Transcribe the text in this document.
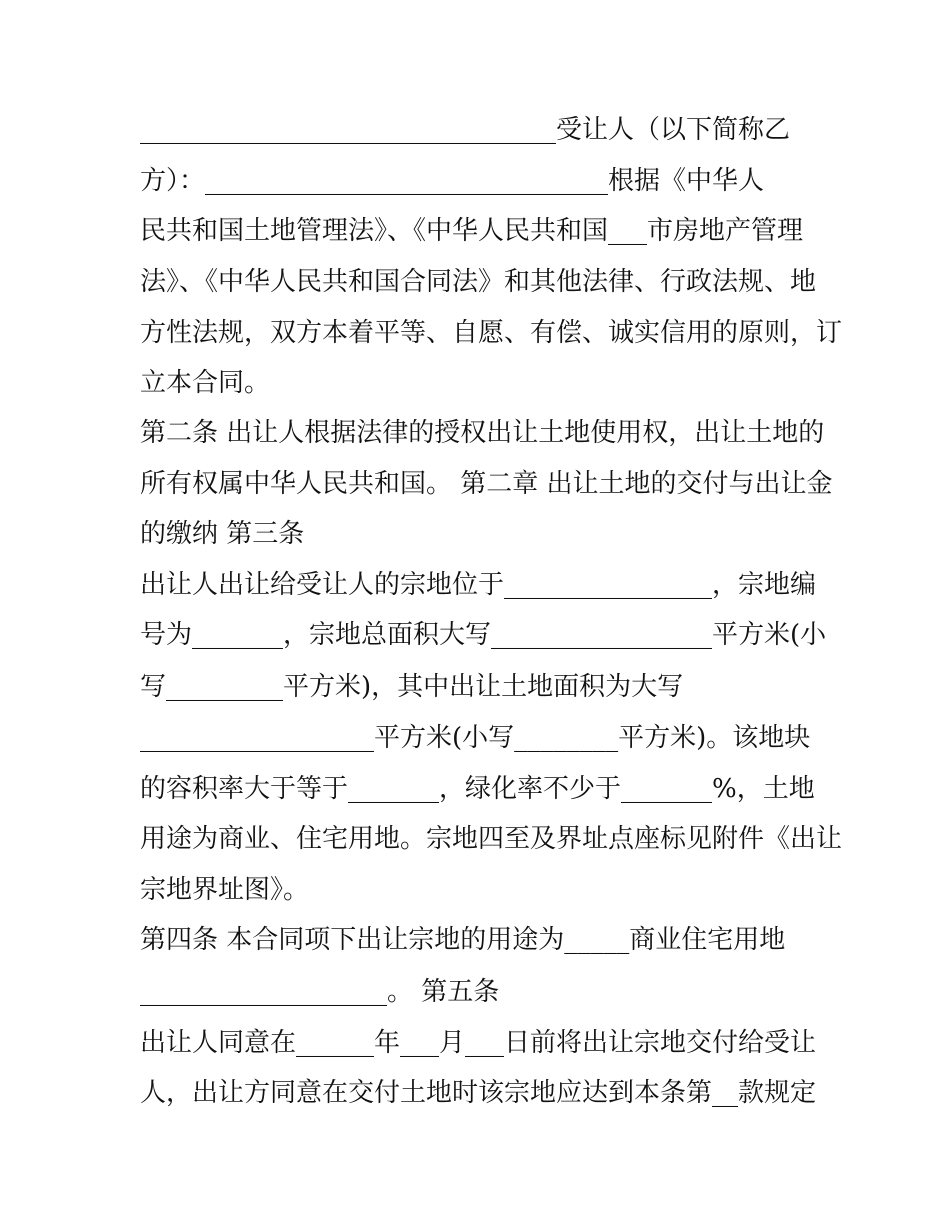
________________________________受让人（以下简称乙
方）：_______________________________根据《中华人
民共和国土地管理法》、《中华人民共和国___市房地产管理
法》、《中华人民共和国合同法》和其他法律、行政法规、地
方性法规，双方本着平等、自愿、有偿、诚实信用的原则，订
立本合同。
第二条 出让人根据法律的授权出让土地使用权，出让土地的
所有权属中华人民共和国。 第二章 出让土地的交付与出让金
的缴纳 第三条
出让人出让给受让人的宗地位于________________，宗地编
号为_______，宗地总面积大写_________________平方米(小
写_________平方米)，其中出让土地面积为大写
__________________平方米(小写________平方米)。该地块
的容积率大于等于_______，绿化率不少于_______%，土地
用途为商业、住宅用地。宗地四至及界址点座标见附件《出让
宗地界址图》。
第四条 本合同项下出让宗地的用途为_____商业住宅用地
___________________。 第五条
出让人同意在______年___月___日前将出让宗地交付给受让
人，出让方同意在交付土地时该宗地应达到本条第__款规定
